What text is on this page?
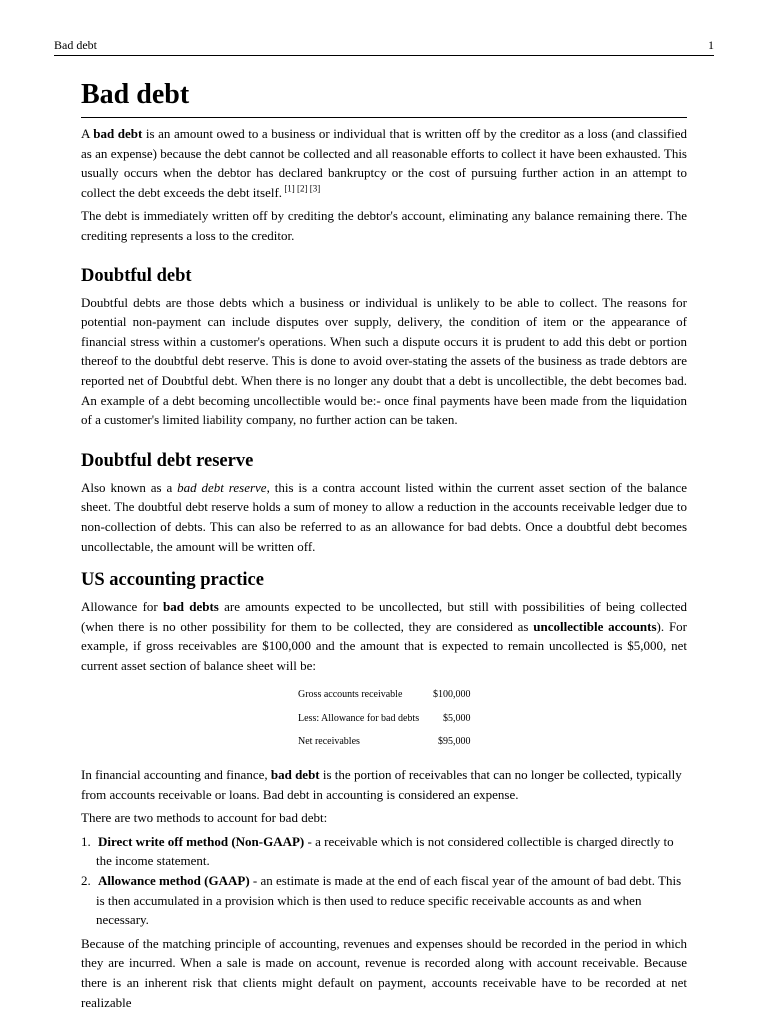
Bad debt	1
Bad debt

A bad debt is an amount owed to a business or individual that is written off by the creditor as a loss (and classified as an expense) because the debt cannot be collected and all reasonable efforts to collect it have been exhausted. This usually occurs when the debtor has declared bankruptcy or the cost of pursuing further action in an attempt to collect the debt exceeds the debt itself. [1] [2] [3]

The debt is immediately written off by crediting the debtor's account, eliminating any balance remaining there. The crediting represents a loss to the creditor.

Doubtful debt

Doubtful debts are those debts which a business or individual is unlikely to be able to collect. The reasons for potential non-payment can include disputes over supply, delivery, the condition of item or the appearance of financial stress within a customer's operations. When such a dispute occurs it is prudent to add this debt or portion thereof to the doubtful debt reserve. This is done to avoid over-stating the assets of the business as trade debtors are reported net of Doubtful debt. When there is no longer any doubt that a debt is uncollectible, the debt becomes bad. An example of a debt becoming uncollectible would be:- once final payments have been made from the liquidation of a customer's limited liability company, no further action can be taken.

Doubtful debt reserve

Also known as a bad debt reserve, this is a contra account listed within the current asset section of the balance sheet. The doubtful debt reserve holds a sum of money to allow a reduction in the accounts receivable ledger due to non-collection of debts. This can also be referred to as an allowance for bad debts. Once a doubtful debt becomes uncollectable, the amount will be written off.

US accounting practice

Allowance for bad debts are amounts expected to be uncollected, but still with possibilities of being collected (when there is no other possibility for them to be collected, they are considered as uncollectible accounts). For example, if gross receivables are $100,000 and the amount that is expected to remain uncollected is $5,000, net current asset section of balance sheet will be:

Gross accounts receivable	$100,000
Less: Allowance for bad debts	$5,000
Net receivables	$95,000

In financial accounting and finance, bad debt is the portion of receivables that can no longer be collected, typically from accounts receivable or loans. Bad debt in accounting is considered an expense.

There are two methods to account for bad debt:

1. Direct write off method (Non-GAAP) - a receivable which is not considered collectible is charged directly to the income statement.
2. Allowance method (GAAP) - an estimate is made at the end of each fiscal year of the amount of bad debt. This is then accumulated in a provision which is then used to reduce specific receivable accounts as and when necessary.

Because of the matching principle of accounting, revenues and expenses should be recorded in the period in which they are incurred. When a sale is made on account, revenue is recorded along with account receivable. Because there is an inherent risk that clients might default on payment, accounts receivable have to be recorded at net realizable
